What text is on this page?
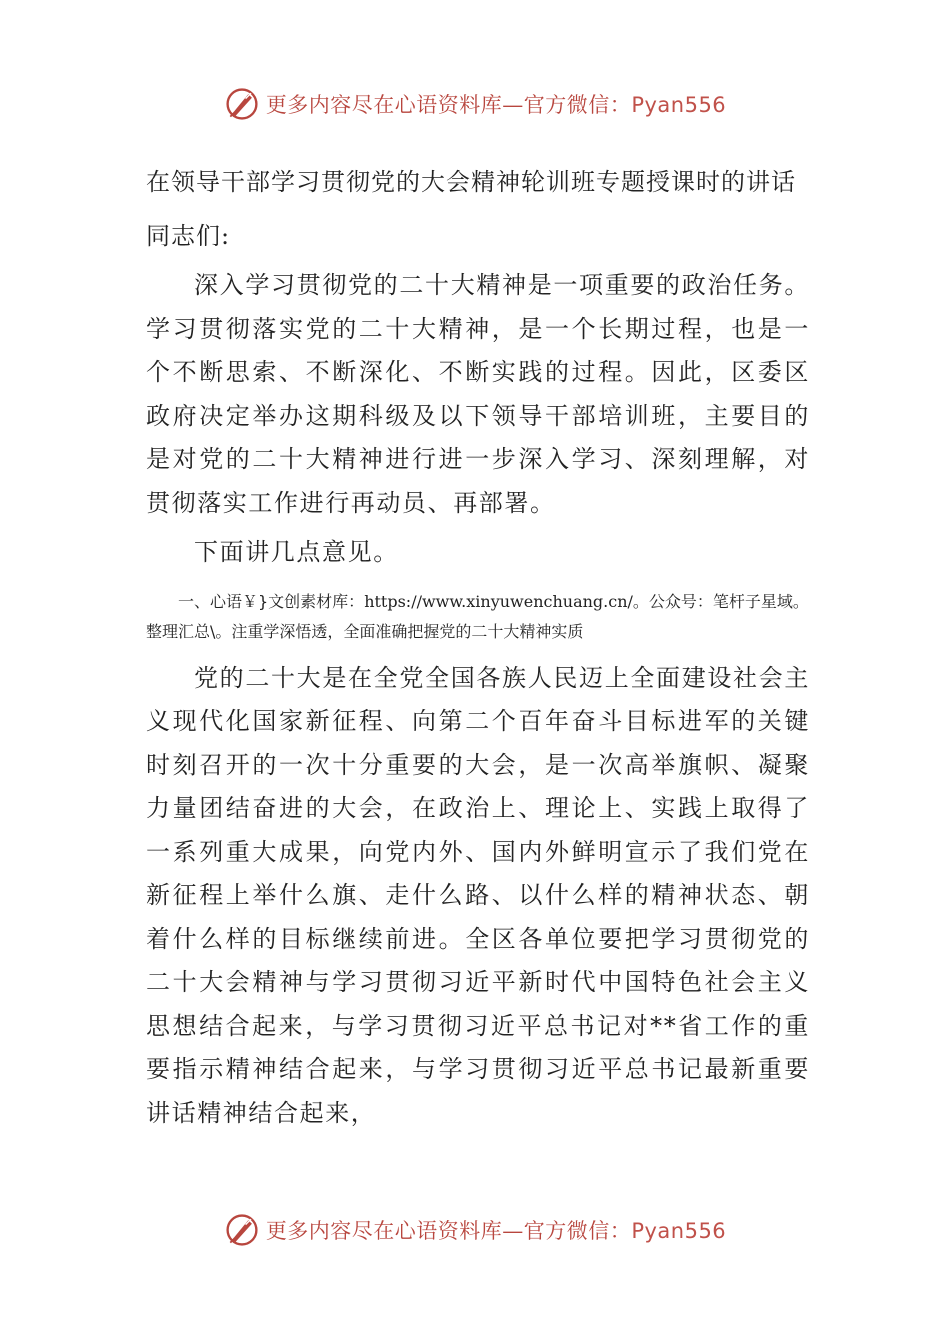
更多内容尽在心语资料库—官方微信：Pyan556
在领导干部学习贯彻党的大会精神轮训班专题授课时的讲话
同志们:

深入学习贯彻党的二十大精神是一项重要的政治任务。学习贯彻落实党的二十大精神，是一个长期过程，也是一个不断思索、不断深化、不断实践的过程。因此，区委区政府决定举办这期科级及以下领导干部培训班，主要目的是对党的二十大精神进行进一步深入学习、深刻理解，对贯彻落实工作进行再动员、再部署。

下面讲几点意见。

一、心语￥}文创素材库：https://www.xinyuwenchuang.cn/。公众号：笔杆子星域。整理汇总\。注重学深悟透，全面准确把握党的二十大精神实质

党的二十大是在全党全国各族人民迈上全面建设社会主义现代化国家新征程、向第二个百年奋斗目标进军的关键时刻召开的一次十分重要的大会，是一次高举旗帜、凝聚力量团结奋进的大会，在政治上、理论上、实践上取得了一系列重大成果，向党内外、国内外鲜明宣示了我们党在新征程上举什么旗、走什么路、以什么样的精神状态、朝着什么样的目标继续前进。全区各单位要把学习贯彻党的二十大会精神与学习贯彻习近平新时代中国特色社会主义思想结合起来，与学习贯彻习近平总书记对**省工作的重要指示精神结合起来，与学习贯彻习近平总书记最新重要讲话精神结合起来，

更多内容尽在心语资料库—官方微信：Pyan556
